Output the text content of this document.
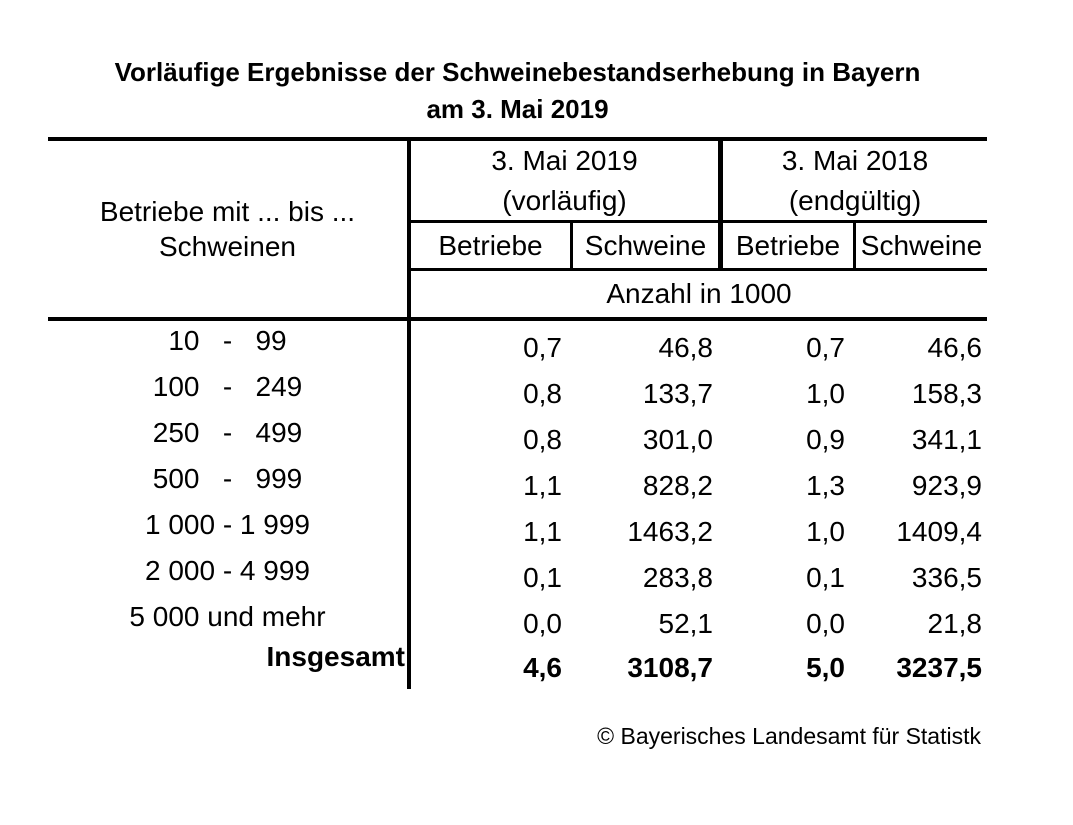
Vorläufige Ergebnisse der Schweinebestandserhebung in Bayern
am 3. Mai 2019
Betriebe mit ... bis ...
Schweinen
3. Mai 2019
(vorläufig)
3. Mai 2018
(endgültig)
Betriebe	Schweine	Betriebe Schweine
Anzahl in 1000
10   -   99	0,7	46,8	0,7	46,6
100   -   249	0,8	133,7	1,0	158,3
250   -   499	0,8	301,0	0,9	341,1
500   -   999	1,1	828,2	1,3	923,9
1 000 - 1 999	1,1	1463,2	1,0	1409,4
2 000 - 4 999	0,1	283,8	0,1	336,5
5 000 und mehr	0,0	52,1	0,0	21,8
Insgesamt	4,6	3108,7	5,0	3237,5
© Bayerisches Landesamt für Statistk
